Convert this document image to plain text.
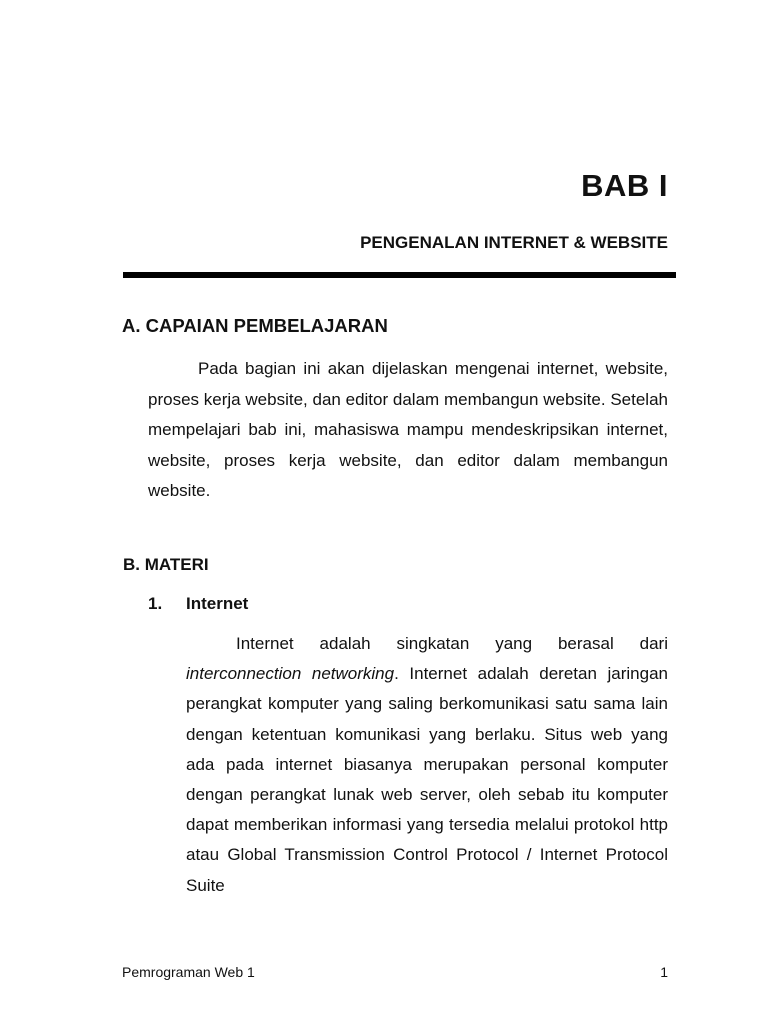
BAB I
PENGENALAN INTERNET & WEBSITE
A. CAPAIAN PEMBELAJARAN

Pada bagian ini akan dijelaskan mengenai internet, website, proses kerja website, dan editor dalam membangun website. Setelah mempelajari bab ini, mahasiswa mampu mendeskripsikan internet, website, proses kerja website, dan editor dalam membangun website.

B. MATERI
1. Internet

Internet adalah singkatan yang berasal dari interconnection networking. Internet adalah deretan jaringan perangkat komputer yang saling berkomunikasi satu sama lain dengan ketentuan komunikasi yang berlaku. Situs web yang ada pada internet biasanya merupakan personal komputer dengan perangkat lunak web server, oleh sebab itu komputer dapat memberikan informasi yang tersedia melalui protokol http atau Global Transmission Control Protocol / Internet Protocol Suite

Pemrograman Web 1	1
